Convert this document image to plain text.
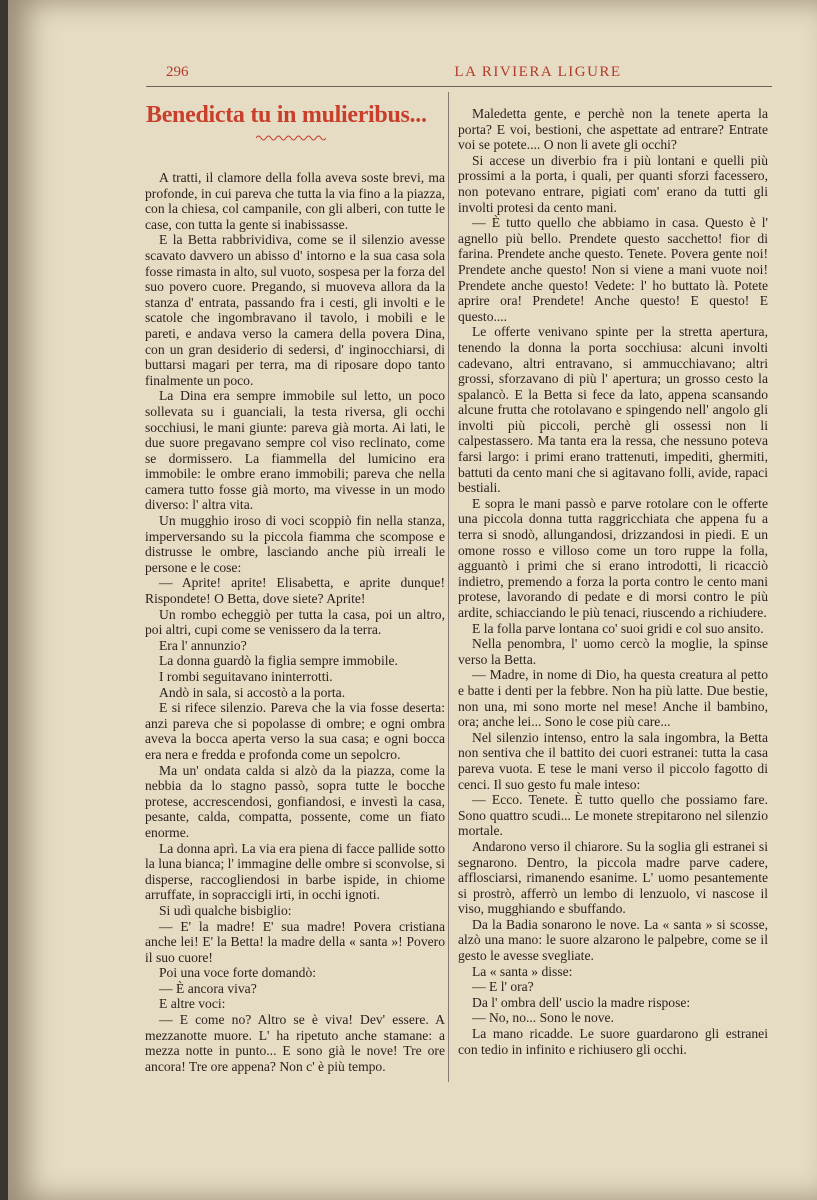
296	LA RIVIERA LIGURE
Benedicta tu in mulieribus...

A tratti, il clamore della folla aveva soste brevi, ma profonde, in cui pareva che tutta la via fino a la piazza, con la chiesa, col campanile, con gli alberi, con tutte le case, con tutta la gente si inabissasse.

E la Betta rabbrividiva, come se il silenzio avesse scavato davvero un abisso d' intorno e la sua casa sola fosse rimasta in alto, sul vuoto, sospesa per la forza del suo povero cuore. Pregando, si muoveva allora da la stanza d' entrata, passando fra i cesti, gli involti e le scatole che ingombravano il tavolo, i mobili e le pareti, e andava verso la camera della povera Dina, con un gran desiderio di sedersi, d' inginocchiarsi, di buttarsi magari per terra, ma di riposare dopo tanto finalmente un poco.

La Dina era sempre immobile sul letto, un poco sollevata su i guanciali, la testa riversa, gli occhi socchiusi, le mani giunte: pareva già morta. Ai lati, le due suore pregavano sempre col viso reclinato, come se dormissero. La fiammella del lumicino era immobile: le ombre erano immobili; pareva che nella camera tutto fosse già morto, ma vivesse in un modo diverso: l' altra vita.

Un mugghio iroso di voci scoppiò fin nella stanza, imperversando su la piccola fiamma che scompose e distrusse le ombre, lasciando anche più irreali le persone e le cose:

— Aprite! aprite! Elisabetta, e aprite dunque! Rispondete! O Betta, dove siete? Aprite!

Un rombo echeggiò per tutta la casa, poi un altro, poi altri, cupi come se venissero da la terra.

Era l' annunzio?

La donna guardò la figlia sempre immobile.

I rombi seguitavano ininterrotti.

Andò in sala, si accostò a la porta.

E si rifece silenzio. Pareva che la via fosse deserta: anzi pareva che si popolasse di ombre; e ogni ombra aveva la bocca aperta verso la sua casa; e ogni bocca era nera e fredda e profonda come un sepolcro.

Ma un' ondata calda si alzò da la piazza, come la nebbia da lo stagno passò, sopra tutte le bocche protese, accrescendosi, gonfiandosi, e investì la casa, pesante, calda, compatta, possente, come un fiato enorme.

La donna aprì. La via era piena di facce pallide sotto la luna bianca; l' immagine delle ombre si sconvolse, si disperse, raccogliendosi in barbe ispide, in chiome arruffate, in sopraccigli irti, in occhi ignoti.

Si udì qualche bisbiglio:

— E' la madre! E' sua madre! Povera cristiana anche lei! E' la Betta! la madre della « santa »! Povero il suo cuore!

Poi una voce forte domandò:

— È ancora viva?

E altre voci:

— E come no? Altro se è viva! Dev' essere. A mezzanotte muore. L' ha ripetuto anche stamane: a mezza notte in punto... E sono già le nove! Tre ore ancora! Tre ore appena? Non c' è più tempo.

Maledetta gente, e perchè non la tenete aperta la porta? E voi, bestioni, che aspettate ad entrare? Entrate voi se potete.... O non li avete gli occhi?

Si accese un diverbio fra i più lontani e quelli più prossimi a la porta, i quali, per quanti sforzi facessero, non potevano entrare, pigiati com' erano da tutti gli involti protesi da cento mani.

— È tutto quello che abbiamo in casa. Questo è l' agnello più bello. Prendete questo sacchetto! fior di farina. Prendete anche questo. Tenete. Povera gente noi! Prendete anche questo! Non si viene a mani vuote noi! Prendete anche questo! Vedete: l' ho buttato là. Potete aprire ora! Prendete! Anche questo! E questo! E questo....

Le offerte venivano spinte per la stretta apertura, tenendo la donna la porta socchiusa: alcuni involti cadevano, altri entravano, si ammucchiavano; altri grossi, sforzavano di più l' apertura; un grosso cesto la spalancò. E la Betta si fece da lato, appena scansando alcune frutta che rotolavano e spingendo nell' angolo gli involti più piccoli, perchè gli ossessi non li calpestassero. Ma tanta era la ressa, che nessuno poteva farsi largo: i primi erano trattenuti, impediti, ghermiti, battuti da cento mani che si agitavano folli, avide, rapaci bestiali.

E sopra le mani passò e parve rotolare con le offerte una piccola donna tutta raggricchiata che appena fu a terra si snodò, allungandosi, drizzandosi in piedi. E un omone rosso e villoso come un toro ruppe la folla, agguantò i primi che si erano introdotti, li ricacciò indietro, premendo a forza la porta contro le cento mani protese, lavorando di pedate e di morsi contro le più ardite, schiacciando le più tenaci, riuscendo a richiudere.

E la folla parve lontana co' suoi gridi e col suo ansito.

Nella penombra, l' uomo cercò la moglie, la spinse verso la Betta.

— Madre, in nome di Dio, ha questa creatura al petto e batte i denti per la febbre. Non ha più latte. Due bestie, non una, mi sono morte nel mese! Anche il bambino, ora; anche lei... Sono le cose più care...

Nel silenzio intenso, entro la sala ingombra, la Betta non sentiva che il battito dei cuori estranei: tutta la casa pareva vuota. E tese le mani verso il piccolo fagotto di cenci. Il suo gesto fu male inteso:

— Ecco. Tenete. È tutto quello che possiamo fare. Sono quattro scudi... Le monete strepitarono nel silenzio mortale.

Andarono verso il chiarore. Su la soglia gli estranei si segnarono. Dentro, la piccola madre parve cadere, afflosciarsi, rimanendo esanime. L' uomo pesantemente si prostrò, afferrò un lembo di lenzuolo, vi nascose il viso, mugghiando e sbuffando.

Da la Badia sonarono le nove. La « santa » si scosse, alzò una mano: le suore alzarono le palpebre, come se il gesto le avesse svegliate.

La « santa » disse:

— E l' ora?

Da l' ombra dell' uscio la madre rispose:

— No, no... Sono le nove.

La mano ricadde. Le suore guardarono gli estranei con tedio in infinito e richiusero gli occhi.
